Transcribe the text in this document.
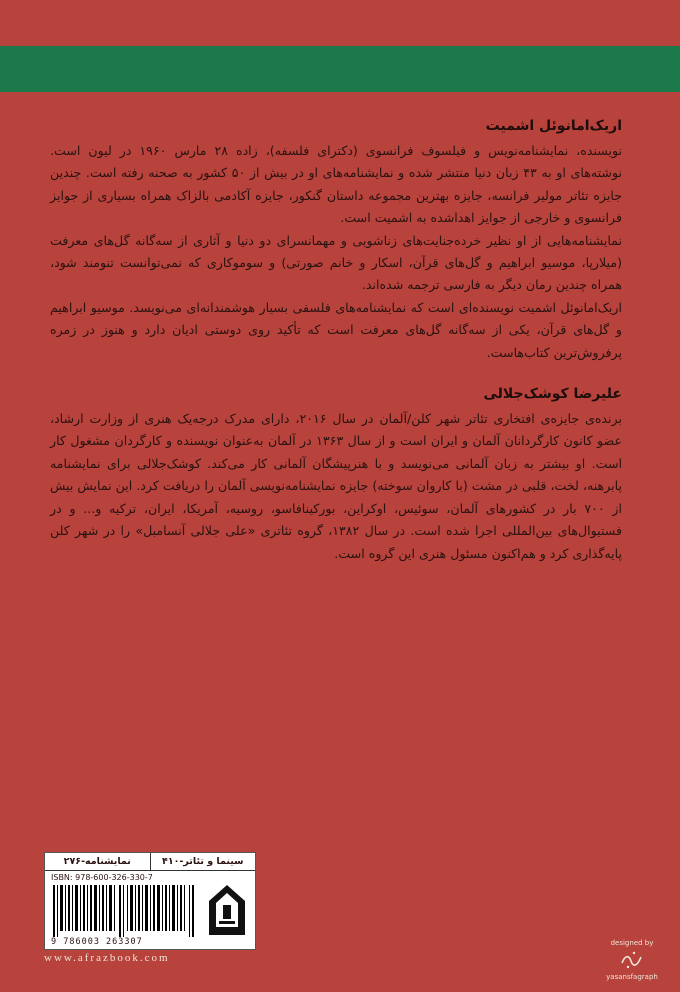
اریک‌امانوئل اشمیت

نویسنده، نمایشنامه‌نویس و فیلسوف فرانسوی (دکترای فلسفه)، زاده ۲۸ مارس ۱۹۶۰ در لیون است. نوشته‌های او به ۴۳ زبان دنیا منتشر شده و نمایشنامه‌های او در بیش از ۵۰ کشور به صحنه رفته است. چندین جایزه تئاتر مولیر فرانسه، جایزه بهترین مجموعه داستان گنکور، جایزه آکادمی بالزاک همراه بسیاری از جوایز فرانسوی و خارجی از جوایز اهداشده به اشمیت است.

نمایشنامه‌هایی از او نظیر خرده‌جنایت‌های زناشویی و مهمانسرای دو دنیا و آثاری از سه‌گانه گل‌های معرفت (میلارپا، موسیو ابراهیم و گل‌های قرآن، اسکار و خانم صورتی) و سوموکاری که نمی‌توانست تنومند شود، همراه چندین رمان دیگر به فارسی ترجمه شده‌اند.

اریک‌امانوئل اشمیت نویسنده‌ای است که نمایشنامه‌های فلسفی بسیار هوشمندانه‌ای می‌نویسد. موسیو ابراهیم و گل‌های قرآن، یکی از سه‌گانه گل‌های معرفت است که تأکید روی دوستی ادیان دارد و هنوز در زمره پرفروش‌ترین کتاب‌هاست.

علیرضا کوشک‌جلالی

برنده‌ی جایزه‌ی افتخاری تئاتر شهر کلن/آلمان در سال ۲۰۱۶، دارای مدرک درجه‌یک هنری از وزارت ارشاد، عضو کانون کارگردانان آلمان و ایران است و از سال ۱۳۶۳ در آلمان به‌عنوان نویسنده و کارگردان مشغول کار است. او بیشتر به زبان آلمانی می‌نویسد و با هنرپیشگان آلمانی کار می‌کند. کوشک‌جلالی برای نمایشنامه پابرهنه، لخت، قلبی در مشت (با کاروان سوخته) جایزه نمایشنامه‌نویسی آلمان را دریافت کرد. این نمایش بیش از ۷۰۰ بار در کشورهای آلمان، سوئیس، اوکراین، بورکینافاسو، روسیه، آمریکا، ایران، ترکیه و... و در فستیوال‌های بین‌المللی اجرا شده است. در سال ۱۳۸۲، گروه تئاتری «علی جلالی آنسامبل» را در شهر کلن پایه‌گذاری کرد و هم‌اکنون مسئول هنری این گروه است.

سینما و تئاتر-۴۱۰
نمایشنامه-۲۷۶
ISBN: 978-600-326-330-7
9 786003 263307
www.afrazbook.com
designed by
yasansfagraph
